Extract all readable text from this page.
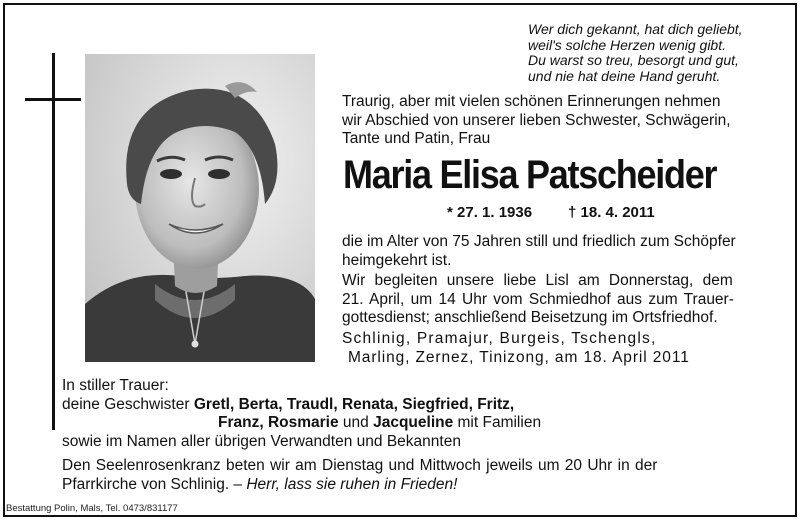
Wer dich gekannt, hat dich geliebt,
weil's solche Herzen wenig gibt.
Du warst so treu, besorgt und gut,
und nie hat deine Hand geruht.
Traurig, aber mit vielen schönen Erinnerungen nehmen
wir Abschied von unserer lieben Schwester, Schwägerin,
Tante und Patin, Frau
Maria Elisa Patscheider
* 27. 1. 1936 † 18. 4. 2011
die im Alter von 75 Jahren still und friedlich zum Schöpfer
heimgekehrt ist.
Wir begleiten unsere liebe Lisl am Donnerstag, dem
21. April, um 14 Uhr vom Schmiedhof aus zum Trauer-
gottesdienst; anschließend Beisetzung im Ortsfriedhof.
Schlinig, Pramajur, Burgeis, Tschengls,
Marling, Zernez, Tinizong, am 18. April 2011
In stiller Trauer:
deine Geschwister Gretl, Berta, Traudl, Renata, Siegfried, Fritz,
Franz, Rosmarie und Jacqueline mit Familien
sowie im Namen aller übrigen Verwandten und Bekannten
Den Seelenrosenkranz beten wir am Dienstag und Mittwoch jeweils um 20 Uhr in der
Pfarrkirche von Schlinig. – Herr, lass sie ruhen in Frieden!
Bestattung Polin, Mals, Tel. 0473/831177
